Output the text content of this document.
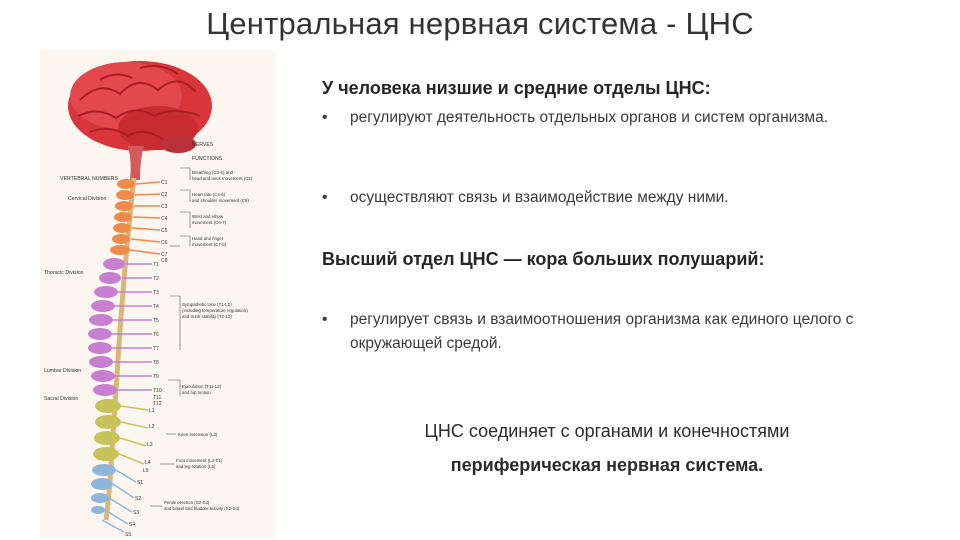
Центральная нервная система - ЦНС
C1
C2
C3
C4
C5
C6
C7
C8
T1
T2
T3
T4
T5
T6
T7
T8
T9
T10
T11
T12
L1
L2
L3
L4
L5
S1
S2
S3
S4
S5
NERVES
FUNCTIONS
VERTEBRAL NUMBERS
Cervical Division
Thoracic Division
Lumbar Division
Sacral Division
Breathing (C3-5) and
head and neck movement (C1)
Heart rate (C4-6)
and shoulder movement (C5)
Wrist and elbow
movement (C6-7)
Hand and finger
movement (C7-8)
Sympathetic tone (T1-L2)
(including temperature regulation)
and trunk stability (T2-12)
Ejaculation (T11-L2)
and hip motion
Knee extension (L3)
Foot movement (L4-S1)
and leg rotation (L5)
Penile erection (S2-S4)
and bowel and bladder activity (S2-S4)
У человека низшие и средние отделы ЦНС:
• регулируют деятельность отдельных органов и систем организма.
• осуществляют связь и взаимодействие между ними.
Высший отдел ЦНС — кора больших полушарий:
• регулирует связь и взаимоотношения организма как единого целого с окружающей средой.
ЦНС соединяет с органами и конечностями
периферическая нервная система.
